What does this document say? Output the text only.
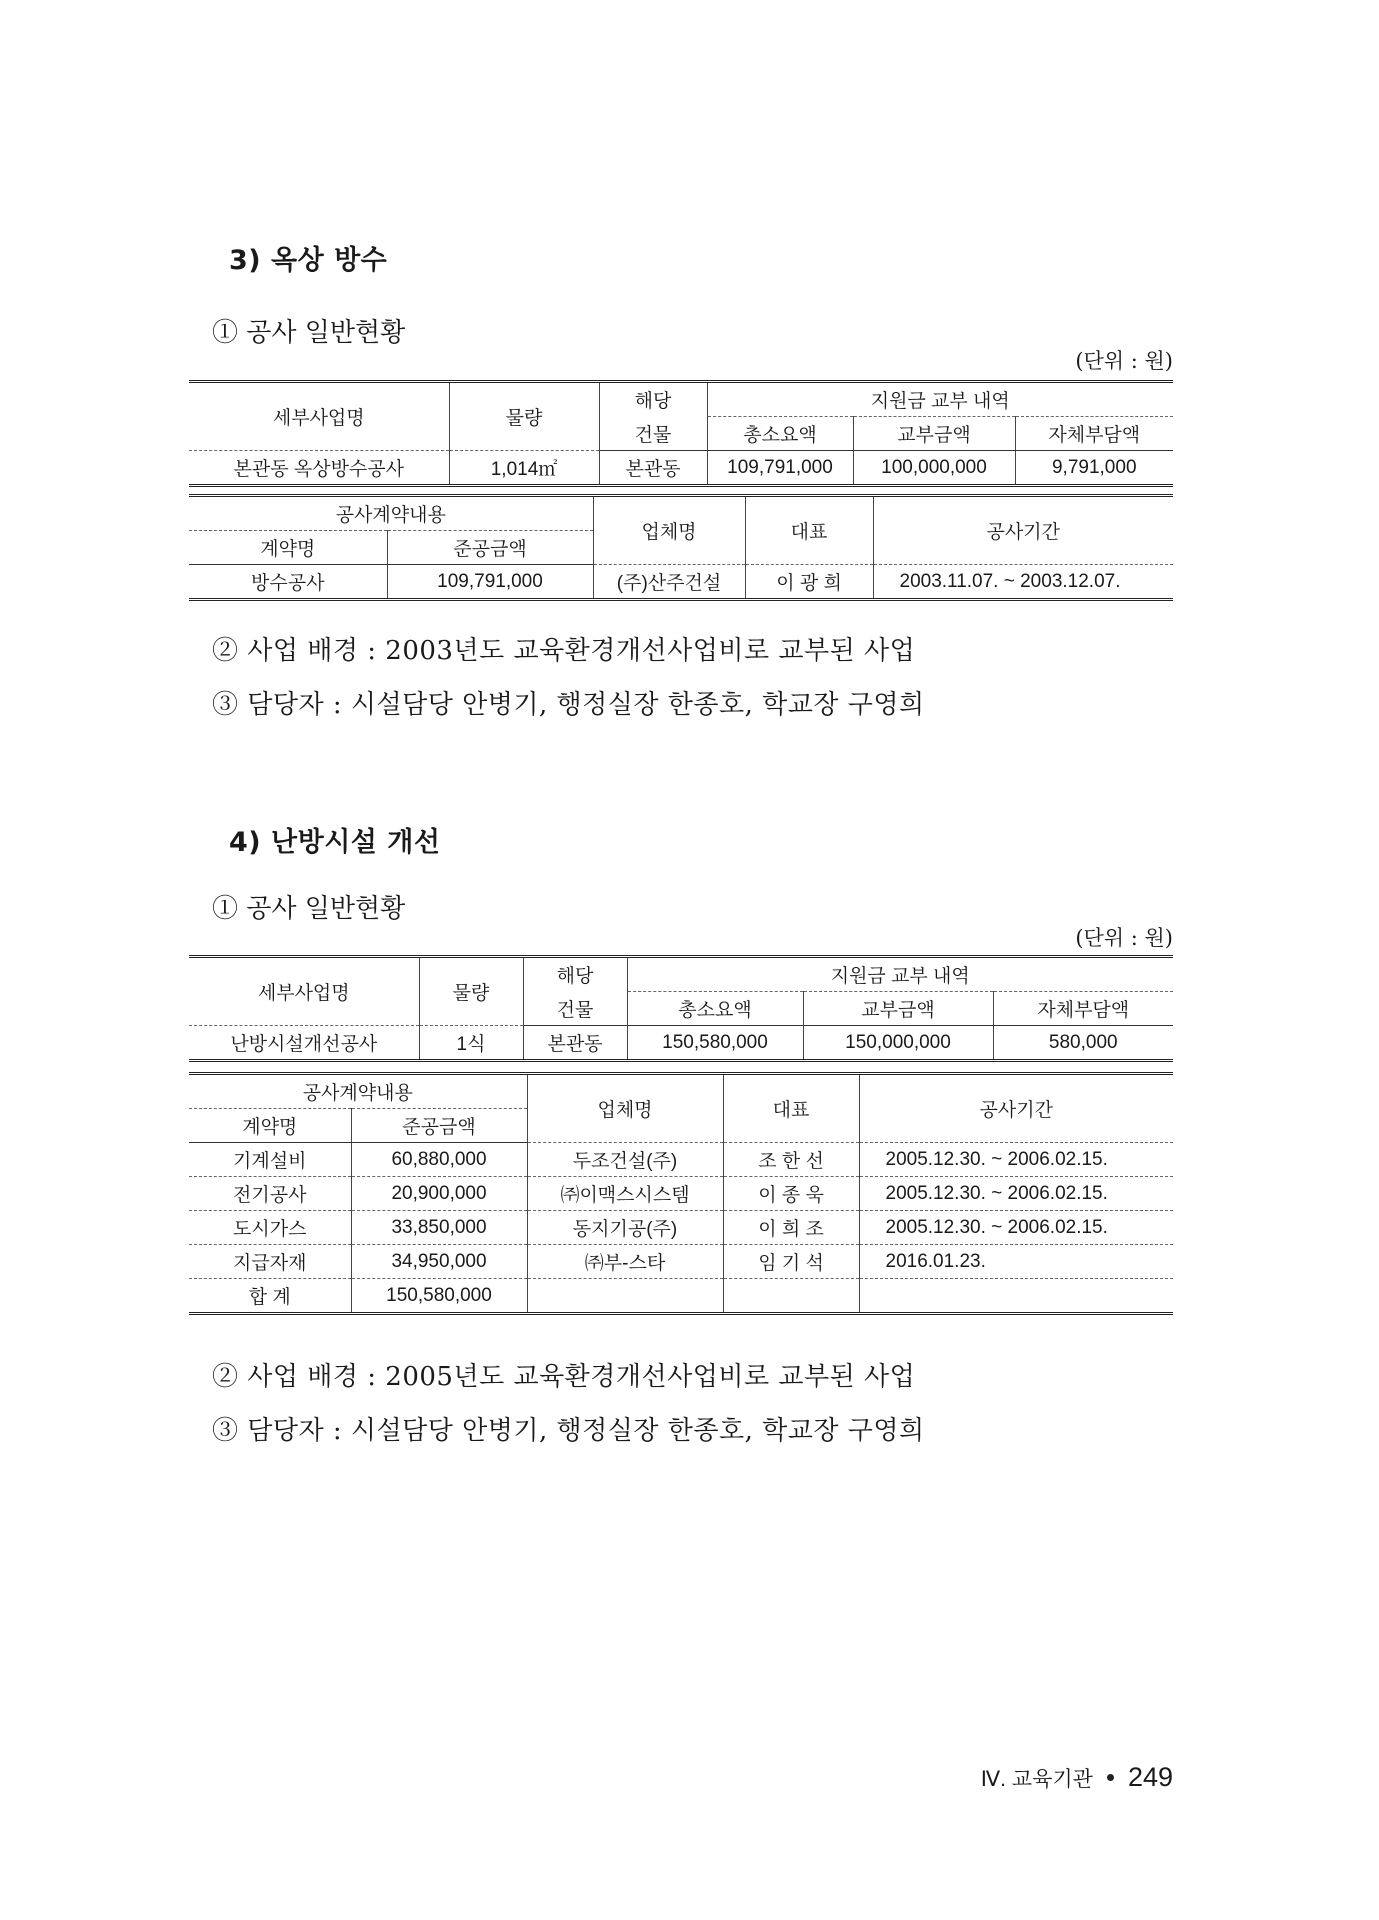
3) 옥상 방수
① 공사 일반현황
(단위 : 원)
세부사업명	물량	해당	지원금 교부 내역		
		건물	총소요액	교부금액	자체부담액
본관동 옥상방수공사	1,014㎡	본관동	109,791,000	100,000,000	9,791,000
공사계약내용		업체명	대표	공사기간
계약명	준공금액			
방수공사	109,791,000	(주)산주건설	이 광 희	2003.11.07. ~ 2003.12.07.
② 사업 배경 : 2003년도 교육환경개선사업비로 교부된 사업
③ 담당자 : 시설담당 안병기, 행정실장 한종호, 학교장 구영희
4) 난방시설 개선
① 공사 일반현황
(단위 : 원)
세부사업명	물량	해당	지원금 교부 내역		
		건물	총소요액	교부금액	자체부담액
난방시설개선공사	1식	본관동	150,580,000	150,000,000	580,000
공사계약내용		업체명	대표	공사기간
계약명	준공금액			
기계설비	60,880,000	두조건설(주)	조 한 선	2005.12.30. ~ 2006.02.15.
전기공사	20,900,000	㈜이맥스시스템	이 종 욱	2005.12.30. ~ 2006.02.15.
도시가스	33,850,000	동지기공(주)	이 희 조	2005.12.30. ~ 2006.02.15.
지급자재	34,950,000	㈜부-스타	임 기 석	2016.01.23.
합 계	150,580,000			
② 사업 배경 : 2005년도 교육환경개선사업비로 교부된 사업
③ 담당자 : 시설담당 안병기, 행정실장 한종호, 학교장 구영희
Ⅳ. 교육기관 249
